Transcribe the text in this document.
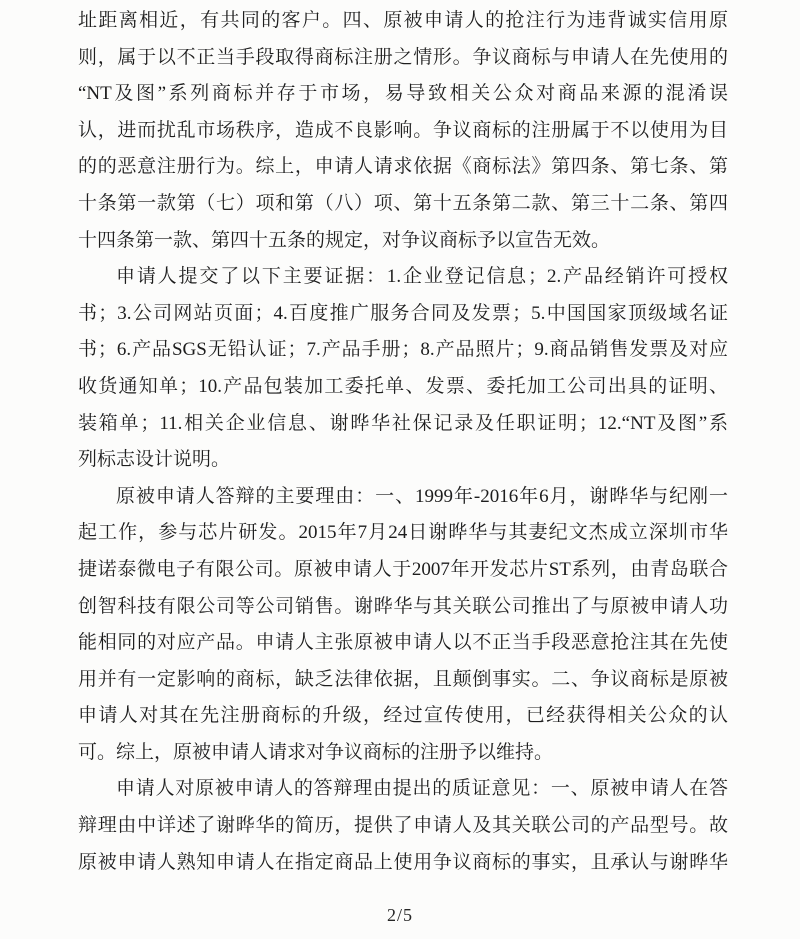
址距离相近，有共同的客户。四、原被申请人的抢注行为违背诚实信用原

则，属于以不正当手段取得商标注册之情形。争议商标与申请人在先使用的

“NT及图”系列商标并存于市场，易导致相关公众对商品来源的混淆误

认，进而扰乱市场秩序，造成不良影响。争议商标的注册属于不以使用为目

的的恶意注册行为。综上，申请人请求依据《商标法》第四条、第七条、第

十条第一款第（七）项和第（八）项、第十五条第二款、第三十二条、第四

十四条第一款、第四十五条的规定，对争议商标予以宣告无效。

申请人提交了以下主要证据：1.企业登记信息；2.产品经销许可授权

书；3.公司网站页面；4.百度推广服务合同及发票；5.中国国家顶级域名证

书；6.产品SGS无铅认证；7.产品手册；8.产品照片；9.商品销售发票及对应

收货通知单；10.产品包装加工委托单、发票、委托加工公司出具的证明、

装箱单；11.相关企业信息、谢晔华社保记录及任职证明；12.“NT及图”系

列标志设计说明。

原被申请人答辩的主要理由：一、1999年-2016年6月，谢晔华与纪刚一

起工作，参与芯片研发。2015年7月24日谢晔华与其妻纪文杰成立深圳市华

捷诺泰微电子有限公司。原被申请人于2007年开发芯片ST系列，由青岛联合

创智科技有限公司等公司销售。谢晔华与其关联公司推出了与原被申请人功

能相同的对应产品。申请人主张原被申请人以不正当手段恶意抢注其在先使

用并有一定影响的商标，缺乏法律依据，且颠倒事实。二、争议商标是原被

申请人对其在先注册商标的升级，经过宣传使用，已经获得相关公众的认

可。综上，原被申请人请求对争议商标的注册予以维持。

申请人对原被申请人的答辩理由提出的质证意见：一、原被申请人在答

辩理由中详述了谢晔华的简历，提供了申请人及其关联公司的产品型号。故

原被申请人熟知申请人在指定商品上使用争议商标的事实，且承认与谢晔华

2/5
